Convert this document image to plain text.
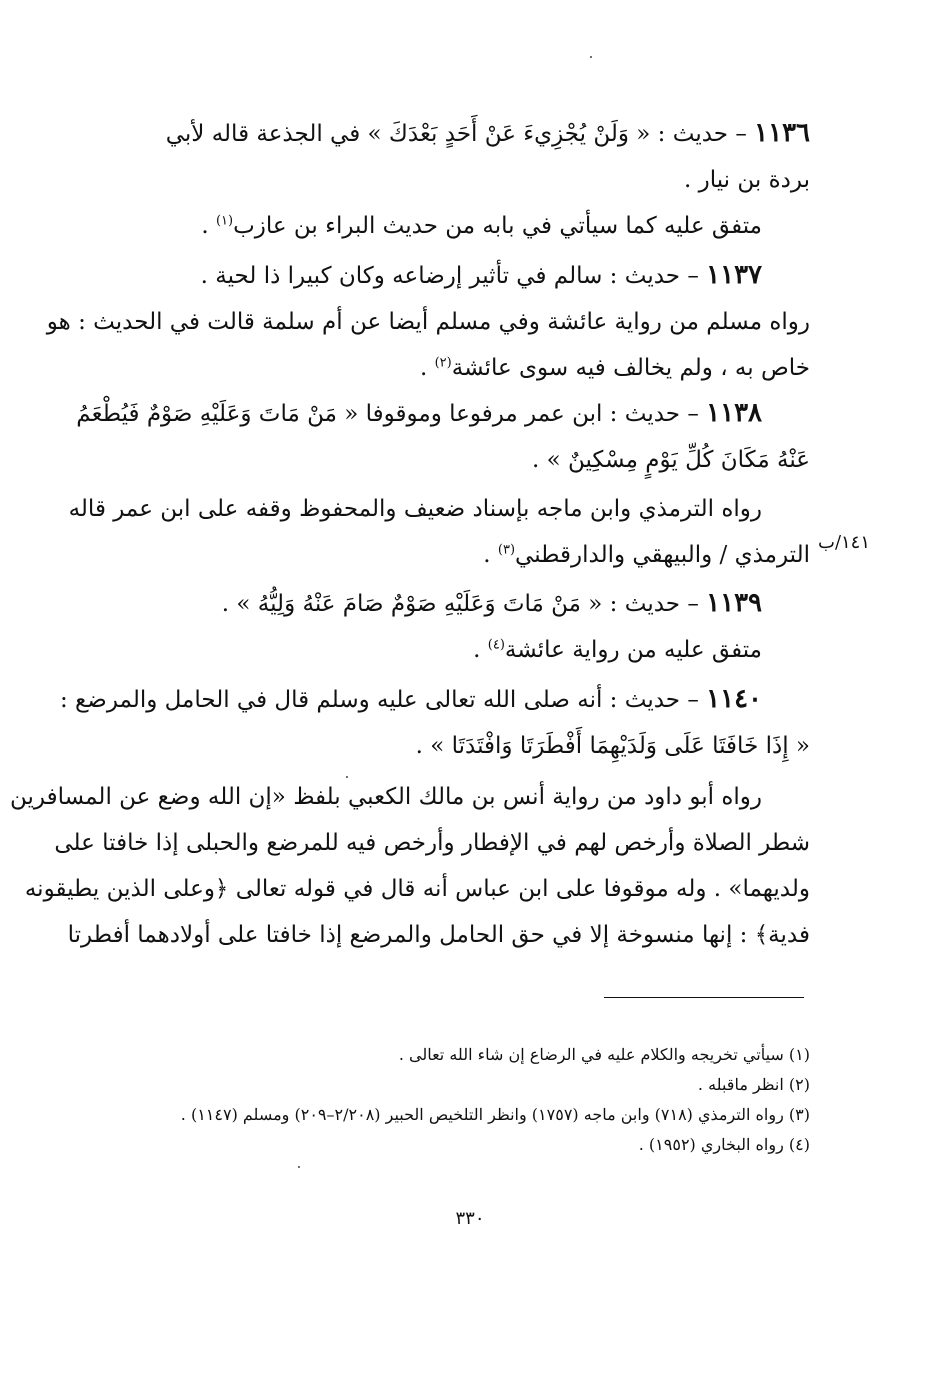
١١٣٦ – حديث : « وَلَنْ يُجْزِيءَ عَنْ أَحَدٍ بَعْدَكَ » في الجذعة قاله لأبي
بردة بن نيار .
متفق عليه كما سيأتي في بابه من حديث البراء بن عازب$^{(١)}$ .
١١٣٧ – حديث : سالم في تأثير إرضاعه وكان كبيرا ذا لحية .
رواه مسلم من رواية عائشة وفي مسلم أيضا عن أم سلمة قالت في الحديث : هو
خاص به ، ولم يخالف فيه سوى عائشة$^{(٢)}$ .
١١٣٨ – حديث : ابن عمر مرفوعا وموقوفا « مَنْ مَاتَ وَعَلَيْهِ صَوْمٌ فَيُطْعَمُ
عَنْهُ مَكَانَ كُلِّ يَوْمٍ مِسْكِينٌ » .
رواه الترمذي وابن ماجه بإسناد ضعيف والمحفوظ وقفه على ابن عمر قاله
الترمذي / والبيهقي والدارقطني$^{(٣)}$ .
١١٣٩ – حديث : « مَنْ مَاتَ وَعَلَيْهِ صَوْمٌ صَامَ عَنْهُ وَلِيُّهُ » .
متفق عليه من رواية عائشة$^{(٤)}$ .
١١٤٠ – حديث : أنه صلى الله تعالى عليه وسلم قال في الحامل والمرضع :
« إِذَا خَافَتَا عَلَى وَلَدَيْهِمَا أَفْطَرَتَا وَافْتَدَتَا » .
رواه أبو داود من رواية أنس بن مالك الكعبي بلفظ «إن الله وضع عن المسافرين
شطر الصلاة وأرخص لهم في الإفطار وأرخص فيه للمرضع والحبلى إذا خافتا على
ولديهما» . وله موقوفا على ابن عباس أنه قال في قوله تعالى ﴿وعلى الذين يطيقونه
فدية﴾ : إنها منسوخة إلا في حق الحامل والمرضع إذا خافتا على أولادهما أفطرتا
١٤١/ب
(١) سيأتي تخريجه والكلام عليه في الرضاع إن شاء الله تعالى .
(٢) انظر ماقبله .
(٣) رواه الترمذي (٧١٨) وابن ماجه (١٧٥٧) وانظر التلخيص الحبير (٢/٢٠٨–٢٠٩) ومسلم (١١٤٧) .
(٤) رواه البخاري (١٩٥٢) .
٣٣٠
